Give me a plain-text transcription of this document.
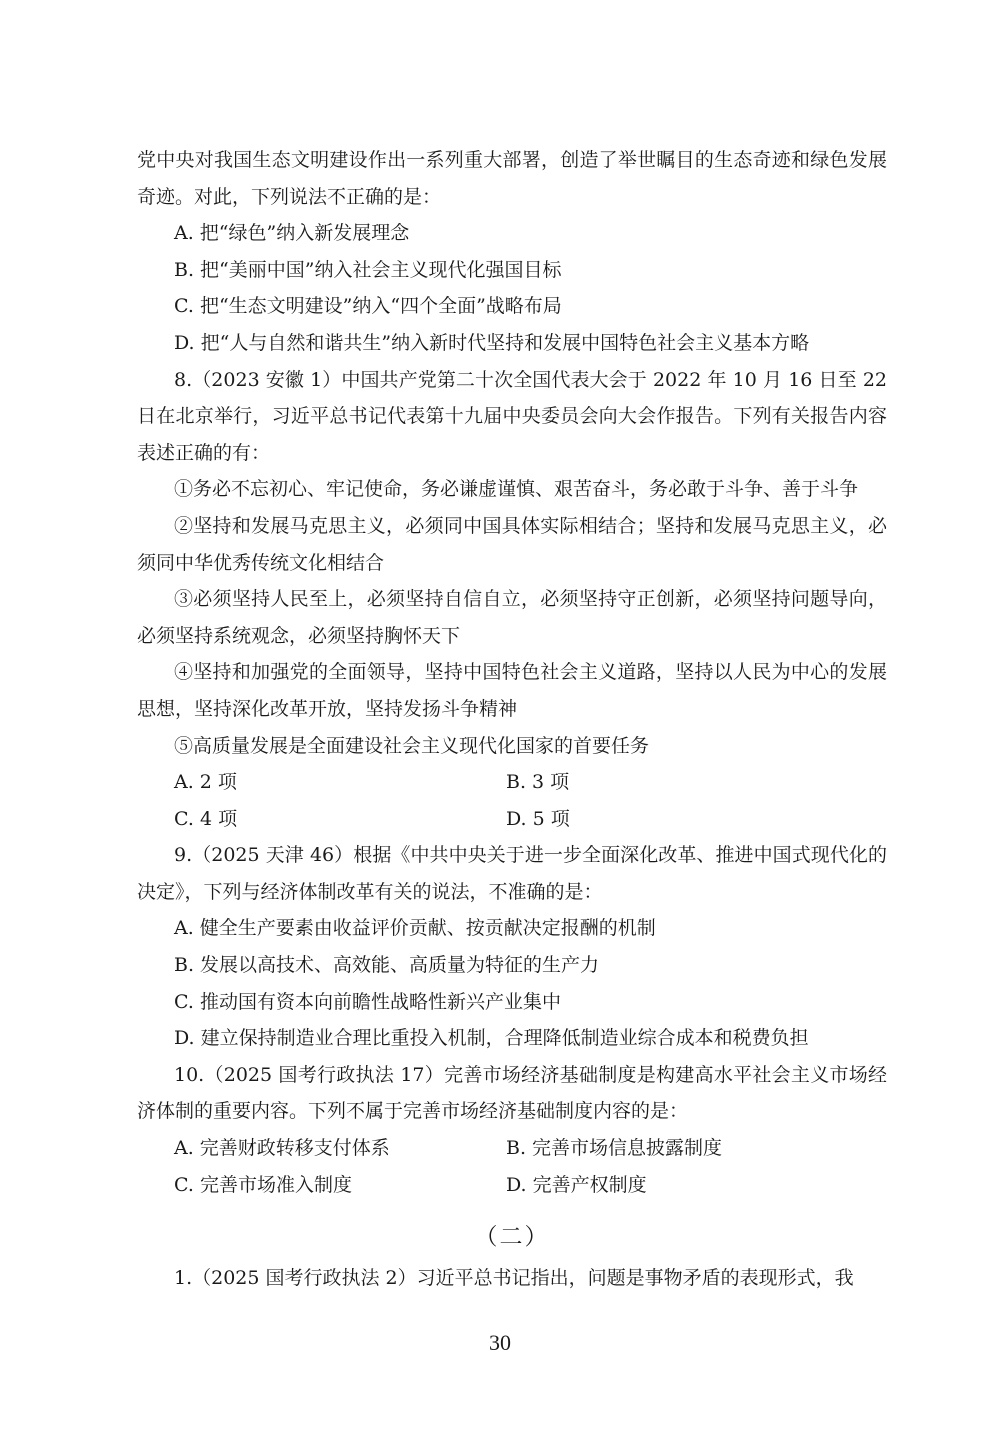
党中央对我国生态文明建设作出一系列重大部署，创造了举世瞩目的生态奇迹和绿色发展奇迹。对此，下列说法不正确的是：

A. 把“绿色”纳入新发展理念

B. 把“美丽中国”纳入社会主义现代化强国目标

C. 把“生态文明建设”纳入“四个全面”战略布局

D. 把“人与自然和谐共生”纳入新时代坚持和发展中国特色社会主义基本方略

8.（2023 安徽 1）中国共产党第二十次全国代表大会于 2022 年 10 月 16 日至 22 日在北京举行，习近平总书记代表第十九届中央委员会向大会作报告。下列有关报告内容表述正确的有：

①务必不忘初心、牢记使命，务必谦虚谨慎、艰苦奋斗，务必敢于斗争、善于斗争

②坚持和发展马克思主义，必须同中国具体实际相结合；坚持和发展马克思主义，必须同中华优秀传统文化相结合

③必须坚持人民至上，必须坚持自信自立，必须坚持守正创新，必须坚持问题导向，必须坚持系统观念，必须坚持胸怀天下

④坚持和加强党的全面领导，坚持中国特色社会主义道路，坚持以人民为中心的发展思想，坚持深化改革开放，坚持发扬斗争精神

⑤高质量发展是全面建设社会主义现代化国家的首要任务

A. 2 项	B. 3 项
C. 4 项	D. 5 项

9.（2025 天津 46）根据《中共中央关于进一步全面深化改革、推进中国式现代化的决定》，下列与经济体制改革有关的说法，不准确的是：

A. 健全生产要素由收益评价贡献、按贡献决定报酬的机制

B. 发展以高技术、高效能、高质量为特征的生产力

C. 推动国有资本向前瞻性战略性新兴产业集中

D. 建立保持制造业合理比重投入机制，合理降低制造业综合成本和税费负担

10.（2025 国考行政执法 17）完善市场经济基础制度是构建高水平社会主义市场经济体制的重要内容。下列不属于完善市场经济基础制度内容的是：

A. 完善财政转移支付体系	B. 完善市场信息披露制度
C. 完善市场准入制度	D. 完善产权制度

（二）

1.（2025 国考行政执法 2）习近平总书记指出，问题是事物矛盾的表现形式，我

30
